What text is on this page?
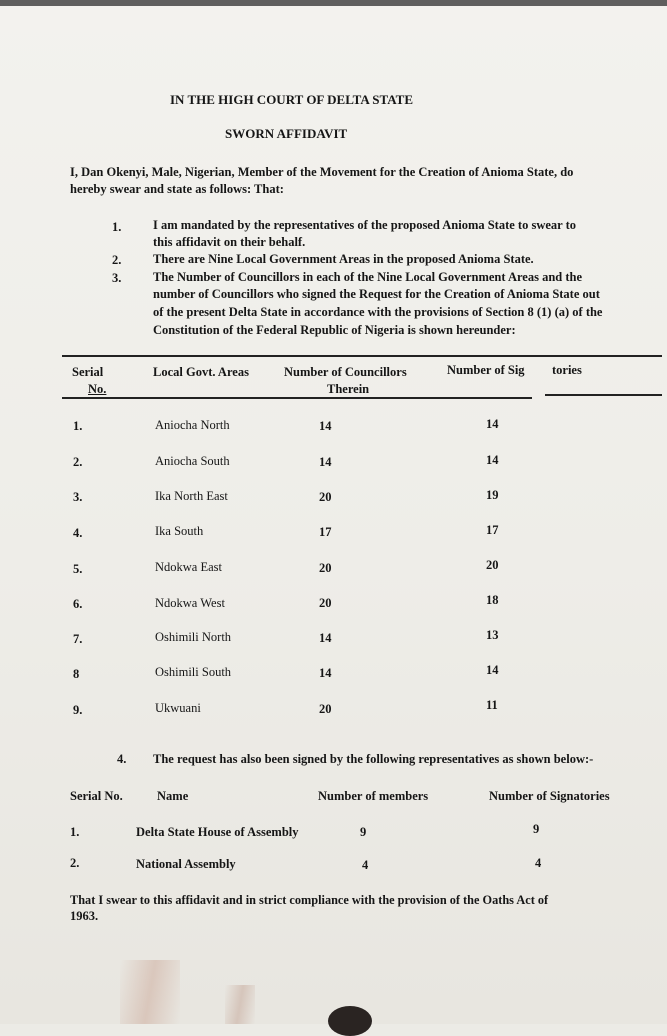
IN THE HIGH COURT OF DELTA STATE
SWORN AFFIDAVIT
I, Dan Okenyi, Male, Nigerian, Member of the Movement for the Creation of Anioma State, do
hereby swear and state as follows: That:
1.	I am mandated by the representatives of the proposed Anioma State to swear to
this affidavit on their behalf.
2.	There are Nine Local Government Areas in the proposed Anioma State.
3.	The Number of Councillors in each of the Nine Local Government Areas and the
number of Councillors who signed the Request for the Creation of Anioma State out
of the present Delta State in accordance with the provisions of Section 8 (1) (a) of the
Constitution of the Federal Republic of Nigeria is shown hereunder:
Serial
No.
Local Govt. Areas	Number of Councillors
Therein
Number of Sig tories
1.	Aniocha North	14	14
2.	Aniocha South	14	14
3.	Ika North East	20	19
4.	Ika South	17	17
5.	Ndokwa East	20	20
6.	Ndokwa West	20	18
7.	Oshimili North	14	13
8	Oshimili South	14	14
9.	Ukwuani	20	11
4. The request has also been signed by the following representatives as shown below:-
Serial No.	Name	Number of members	Number of Signatories
1.	Delta State House of Assembly	9	9
2.	National Assembly	4	4
That I swear to this affidavit and in strict compliance with the provision of the Oaths Act of
1963.
